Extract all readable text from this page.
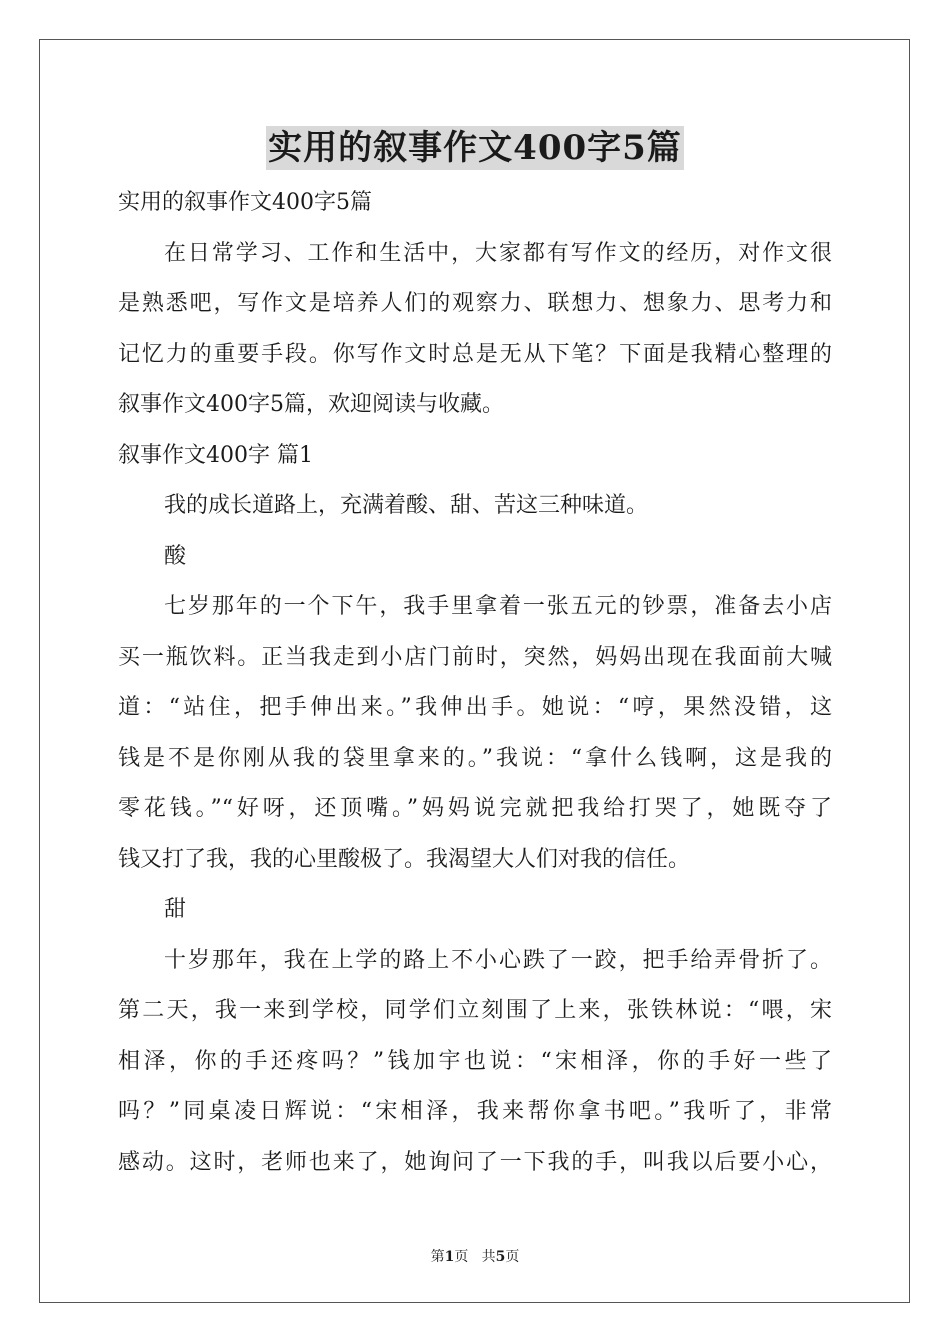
实用的叙事作文400字5篇

实用的叙事作文400字5篇

在日常学习、工作和生活中，大家都有写作文的经历，对作文很

是熟悉吧，写作文是培养人们的观察力、联想力、想象力、思考力和

记忆力的重要手段。你写作文时总是无从下笔？下面是我精心整理的

叙事作文400字5篇，欢迎阅读与收藏。

叙事作文400字 篇1

我的成长道路上，充满着酸、甜、苦这三种味道。

酸

七岁那年的一个下午，我手里拿着一张五元的钞票，准备去小店

买一瓶饮料。正当我走到小店门前时，突然，妈妈出现在我面前大喊

道：“站住，把手伸出来。”我伸出手。她说：“哼，果然没错，这

钱是不是你刚从我的袋里拿来的。”我说：“拿什么钱啊，这是我的

零花钱。”“好呀，还顶嘴。”妈妈说完就把我给打哭了，她既夺了

钱又打了我，我的心里酸极了。我渴望大人们对我的信任。

甜

十岁那年，我在上学的路上不小心跌了一跤，把手给弄骨折了。

第二天，我一来到学校，同学们立刻围了上来，张铁林说：“喂，宋

相泽，你的手还疼吗？”钱加宇也说：“宋相泽，你的手好一些了

吗？”同桌凌日辉说：“宋相泽，我来帮你拿书吧。”我听了，非常

感动。这时，老师也来了，她询问了一下我的手，叫我以后要小心，

第1页 共5页
